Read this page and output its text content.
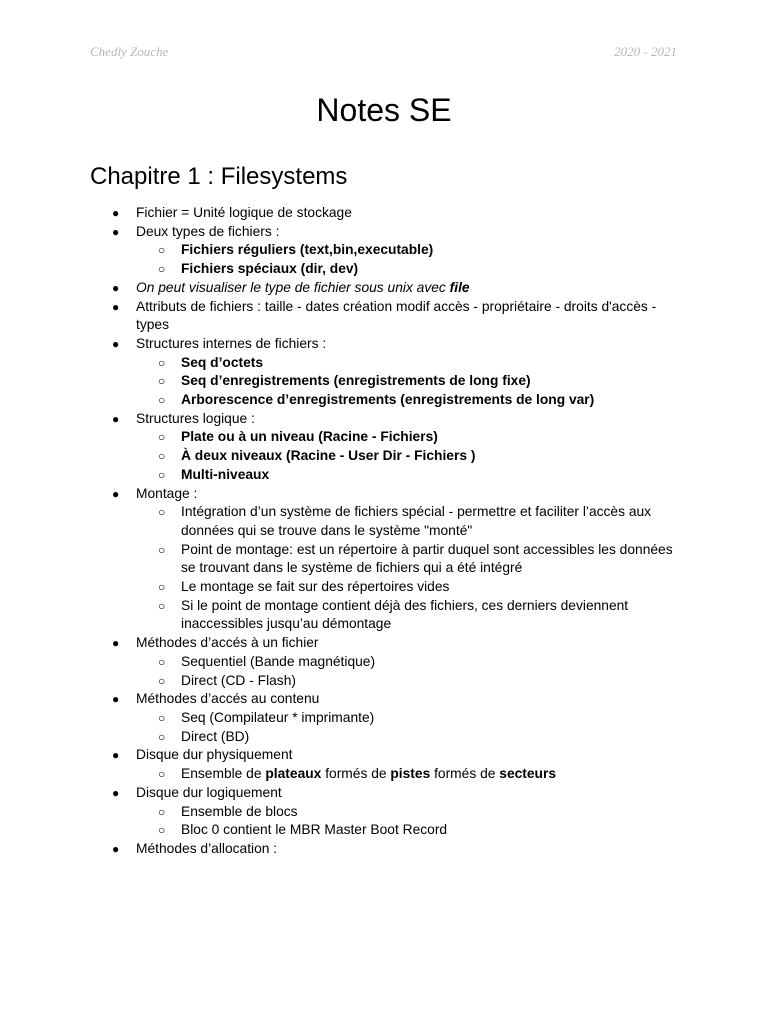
Chedly Zouche	2020 - 2021
Notes SE
Chapitre 1 : Filesystems
● Fichier = Unité logique de stockage
● Deux types de fichiers :
○ Fichiers réguliers (text,bin,executable)
○ Fichiers spéciaux (dir, dev)
● On peut visualiser le type de fichier sous unix avec file
● Attributs de fichiers : taille - dates création modif accès - propriétaire - droits d'accès - types
● Structures internes de fichiers :
○ Seq d’octets
○ Seq d’enregistrements (enregistrements de long fixe)
○ Arborescence d’enregistrements (enregistrements de long var)
● Structures logique :
○ Plate ou à un niveau (Racine - Fichiers)
○ À deux niveaux (Racine - User Dir - Fichiers )
○ Multi-niveaux
● Montage :
○ Intégration d’un système de fichiers spécial - permettre et faciliter l’accès aux données qui se trouve dans le système "monté"
○ Point de montage: est un répertoire à partir duquel sont accessibles les données se trouvant dans le système de fichiers qui a été intégré
○ Le montage se fait sur des répertoires vides
○ Si le point de montage contient déjà des fichiers, ces derniers deviennent inaccessibles jusqu’au démontage
● Méthodes d’accés à un fichier
○ Sequentiel (Bande magnétique)
○ Direct (CD - Flash)
● Méthodes d’accés au contenu
○ Seq (Compilateur * imprimante)
○ Direct (BD)
● Disque dur physiquement
○ Ensemble de plateaux formés de pistes formés de secteurs
● Disque dur logiquement
○ Ensemble de blocs
○ Bloc 0 contient le MBR Master Boot Record
● Méthodes d’allocation :
